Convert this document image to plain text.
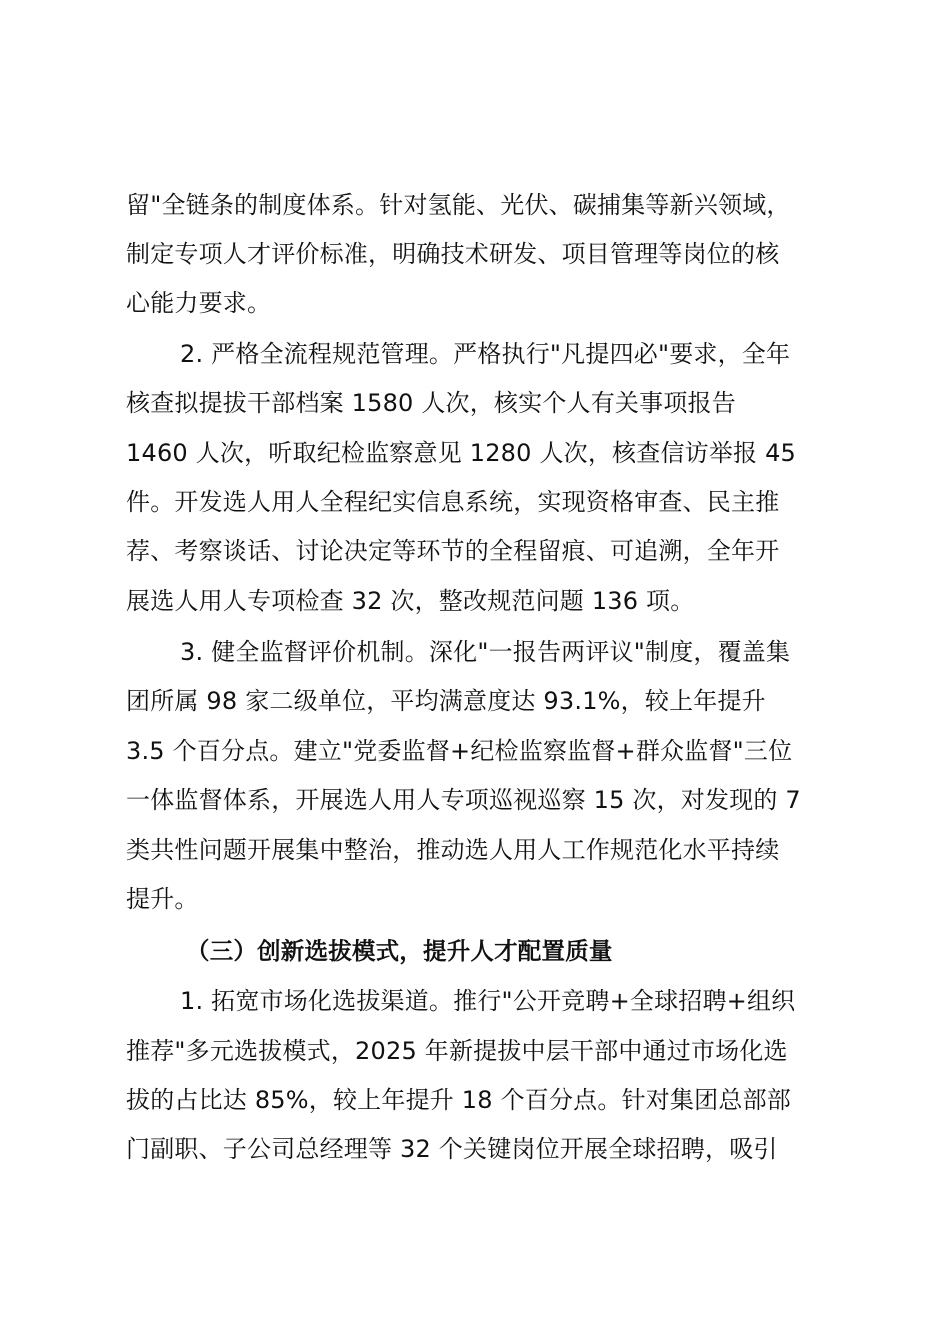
留"全链条的制度体系。针对氢能、光伏、碳捕集等新兴领域，
制定专项人才评价标准，明确技术研发、项目管理等岗位的核
心能力要求。
2. 严格全流程规范管理。严格执行"凡提四必"要求，全年
核查拟提拔干部档案 1580 人次，核实个人有关事项报告
1460 人次，听取纪检监察意见 1280 人次，核查信访举报 45
件。开发选人用人全程纪实信息系统，实现资格审查、民主推
荐、考察谈话、讨论决定等环节的全程留痕、可追溯，全年开
展选人用人专项检查 32 次，整改规范问题 136 项。
3. 健全监督评价机制。深化"一报告两评议"制度，覆盖集
团所属 98 家二级单位，平均满意度达 93.1%，较上年提升
3.5 个百分点。建立"党委监督+纪检监察监督+群众监督"三位
一体监督体系，开展选人用人专项巡视巡察 15 次，对发现的 7
类共性问题开展集中整治，推动选人用人工作规范化水平持续
提升。
（三）创新选拔模式，提升人才配置质量
1. 拓宽市场化选拔渠道。推行"公开竞聘+全球招聘+组织
推荐"多元选拔模式，2025 年新提拔中层干部中通过市场化选
拔的占比达 85%，较上年提升 18 个百分点。针对集团总部部
门副职、子公司总经理等 32 个关键岗位开展全球招聘，吸引
